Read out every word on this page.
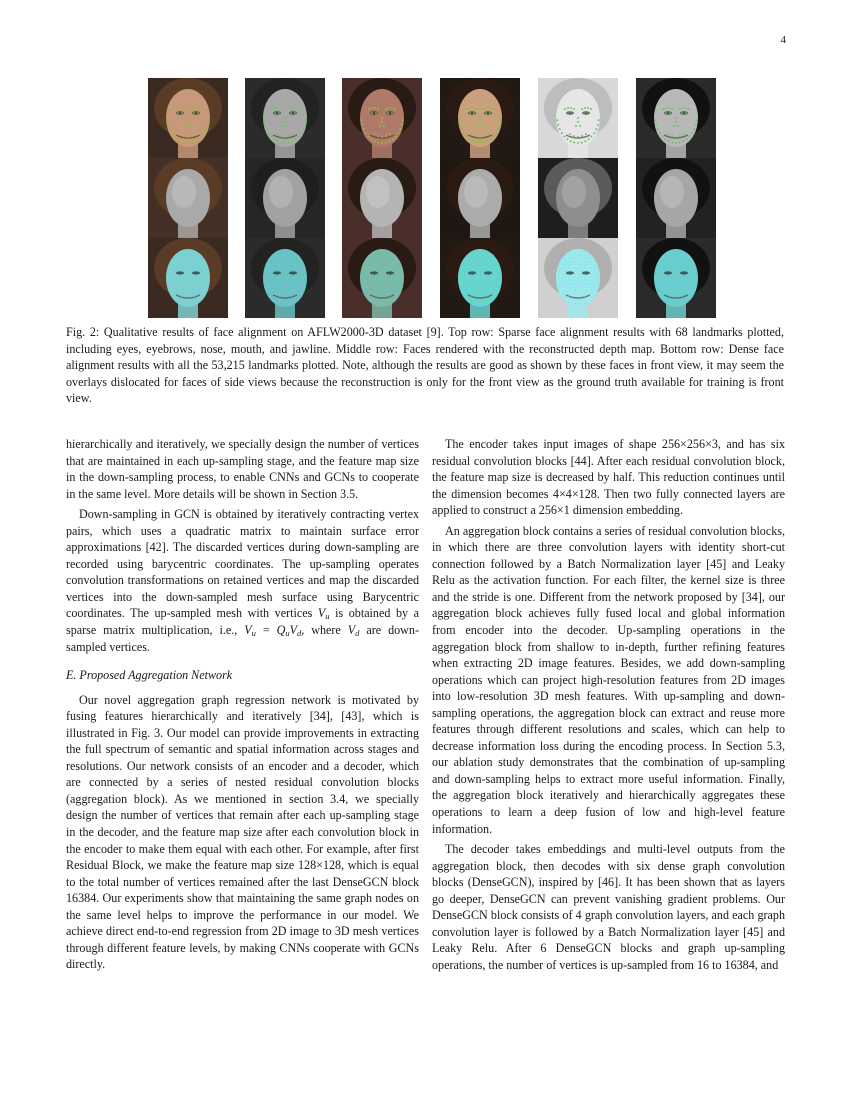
4

Fig. 2: Qualitative results of face alignment on AFLW2000-3D dataset [9]. Top row: Sparse face alignment results with 68 landmarks plotted, including eyes, eyebrows, nose, mouth, and jawline. Middle row: Faces rendered with the reconstructed depth map. Bottom row: Dense face alignment results with all the 53,215 landmarks plotted. Note, although the results are good as shown by these faces in front view, it may seem the overlays dislocated for faces of side views because the reconstruction is only for the front view as the ground truth available for training is front view.

hierarchically and iteratively, we specially design the number of vertices that are maintained in each up-sampling stage, and the feature map size in the down-sampling process, to enable CNNs and GCNs to cooperate in the same level. More details will be shown in Section 3.5.

Down-sampling in GCN is obtained by iteratively contracting vertex pairs, which uses a quadratic matrix to maintain surface error approximations [42]. The discarded vertices during down-sampling are recorded using barycentric coordinates. The up-sampling operates convolution transformations on retained vertices and map the discarded vertices into the down-sampled mesh surface using Barycentric coordinates. The up-sampled mesh with vertices $V_u$ is obtained by a sparse matrix multiplication, i.e., $V_u = Q_uV_d$, where $V_d$ are down-sampled vertices.

E. Proposed Aggregation Network

Our novel aggregation graph regression network is motivated by fusing features hierarchically and iteratively [34], [43], which is illustrated in Fig. 3. Our model can provide improvements in extracting the full spectrum of semantic and spatial information across stages and resolutions. Our network consists of an encoder and a decoder, which are connected by a series of nested residual convolution blocks (aggregation block). As we mentioned in section 3.4, we specially design the number of vertices that remain after each up-sampling stage in the decoder, and the feature map size after each convolution block in the encoder to make them equal with each other. For example, after first Residual Block, we make the feature map size 128×128, which is equal to the total number of vertices remained after the last DenseGCN block 16384. Our experiments show that maintaining the same graph nodes on the same level helps to improve the performance in our model. We achieve direct end-to-end regression from 2D image to 3D mesh vertices through different feature levels, by making CNNs cooperate with GCNs directly.

The encoder takes input images of shape 256×256×3, and has six residual convolution blocks [44]. After each residual convolution block, the feature map size is decreased by half. This reduction continues until the dimension becomes 4×4×128. Then two fully connected layers are applied to construct a 256×1 dimension embedding.

An aggregation block contains a series of residual convolution blocks, in which there are three convolution layers with identity short-cut connection followed by a Batch Normalization layer [45] and Leaky Relu as the activation function. For each filter, the kernel size is three and the stride is one. Different from the network proposed by [34], our aggregation block achieves fully fused local and global information from encoder into the decoder. Up-sampling operations in the aggregation block from shallow to in-depth, further refining features when extracting 2D image features. Besides, we add down-sampling operations which can project high-resolution features from 2D images into low-resolution 3D mesh features. With up-sampling and down-sampling operations, the aggregation block can extract and reuse more features through different resolutions and scales, which can help to decrease information loss during the encoding process. In Section 5.3, our ablation study demonstrates that the combination of up-sampling and down-sampling helps to extract more useful information. Finally, the aggregation block iteratively and hierarchically aggregates these operations to learn a deep fusion of low and high-level feature information.

The decoder takes embeddings and multi-level outputs from the aggregation block, then decodes with six dense graph convolution blocks (DenseGCN), inspired by [46]. It has been shown that as layers go deeper, DenseGCN can prevent vanishing gradient problems. Our DenseGCN block consists of 4 graph convolution layers, and each graph convolution layer is followed by a Batch Normalization layer [45] and Leaky Relu. After 6 DenseGCN blocks and graph up-sampling operations, the number of vertices is up-sampled from 16 to 16384, and
